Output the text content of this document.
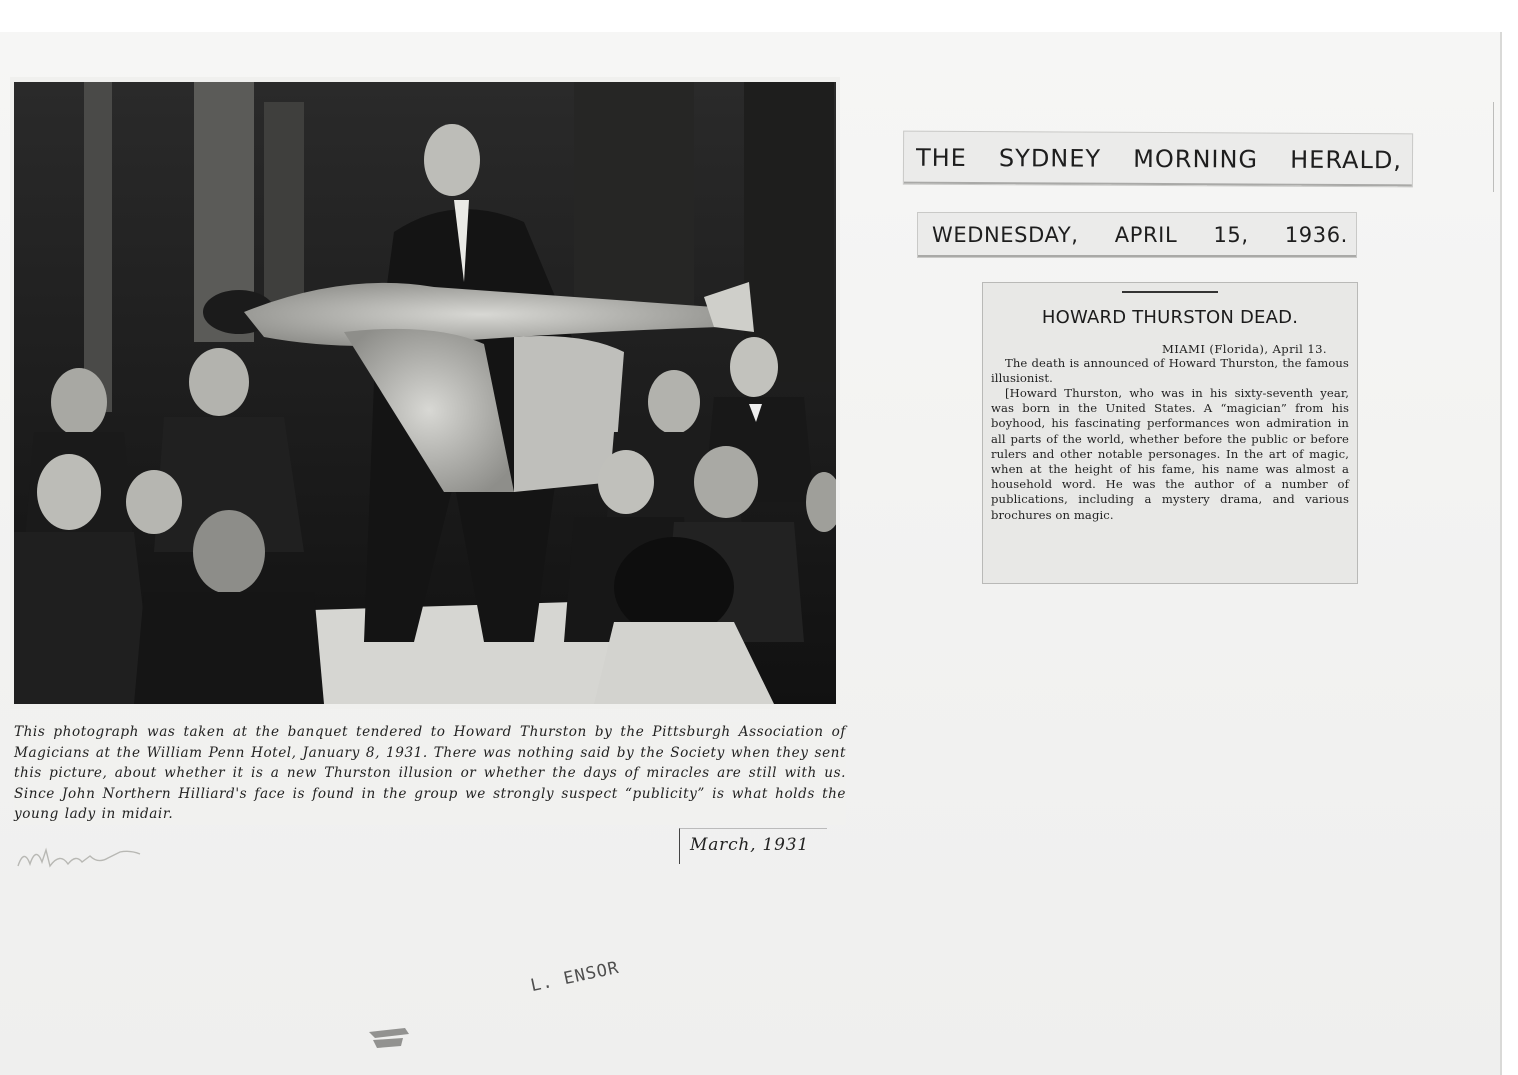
This photograph was taken at the banquet tendered to Howard Thurston by the Pittsburgh Association of Magicians at the William Penn Hotel, January 8, 1931. There was nothing said by the Society when they sent this picture, about whether it is a new Thurston illusion or whether the days of miracles are still with us. Since John Northern Hilliard's face is found in the group we strongly suspect “publicity” is what holds the young lady in midair.
March, 1931
L. ENSOR
THE SYDNEY MORNING HERALD,
WEDNESDAY, APRIL 15, 1936.
HOWARD THURSTON DEAD.
MIAMI (Florida), April 13.

The death is announced of Howard Thurston, the famous illusionist.

[Howard Thurston, who was in his sixty-seventh year, was born in the United States. A “magician” from his boyhood, his fascinating performances won admiration in all parts of the world, whether before the public or before rulers and other notable personages. In the art of magic, when at the height of his fame, his name was almost a household word. He was the author of a number of publications, including a mystery drama, and various brochures on magic.
